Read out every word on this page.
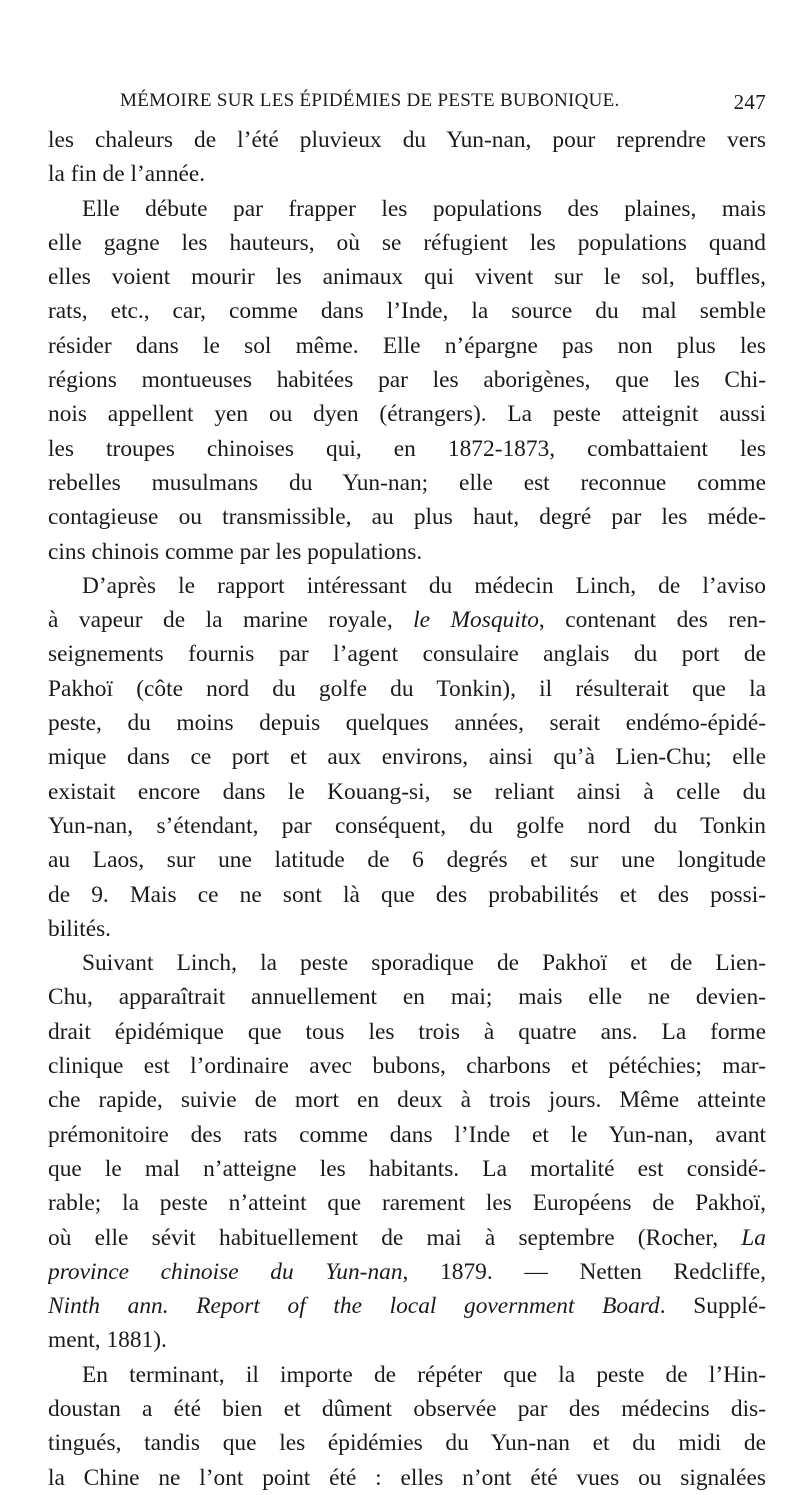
MÉMOIRE SUR LES ÉPIDÉMIES DE PESTE BUBONIQUE.	247
les chaleurs de l’été pluvieux du Yun-nan, pour reprendre vers
la fin de l’année.
Elle débute par frapper les populations des plaines, mais
elle gagne les hauteurs, où se réfugient les populations quand
elles voient mourir les animaux qui vivent sur le sol, buffles,
rats, etc., car, comme dans l’Inde, la source du mal semble
résider dans le sol même. Elle n’épargne pas non plus les
régions montueuses habitées par les aborigènes, que les Chi-
nois appellent yen ou dyen (étrangers). La peste atteignit aussi
les troupes chinoises qui, en 1872-1873, combattaient les
rebelles musulmans du Yun-nan; elle est reconnue comme
contagieuse ou transmissible, au plus haut, degré par les méde-
cins chinois comme par les populations.
D’après le rapport intéressant du médecin Linch, de l’aviso
à vapeur de la marine royale, le Mosquito, contenant des ren-
seignements fournis par l’agent consulaire anglais du port de
Pakhoï (côte nord du golfe du Tonkin), il résulterait que la
peste, du moins depuis quelques années, serait endémo-épidé-
mique dans ce port et aux environs, ainsi qu’à Lien-Chu; elle
existait encore dans le Kouang-si, se reliant ainsi à celle du
Yun-nan, s’étendant, par conséquent, du golfe nord du Tonkin
au Laos, sur une latitude de 6 degrés et sur une longitude
de 9. Mais ce ne sont là que des probabilités et des possi-
bilités.
Suivant Linch, la peste sporadique de Pakhoï et de Lien-
Chu, apparaîtrait annuellement en mai; mais elle ne devien-
drait épidémique que tous les trois à quatre ans. La forme
clinique est l’ordinaire avec bubons, charbons et pétéchies; mar-
che rapide, suivie de mort en deux à trois jours. Même atteinte
prémonitoire des rats comme dans l’Inde et le Yun-nan, avant
que le mal n’atteigne les habitants. La mortalité est considé-
rable; la peste n’atteint que rarement les Européens de Pakhoï,
où elle sévit habituellement de mai à septembre (Rocher, La
province chinoise du Yun-nan, 1879. — Netten Redcliffe,
Ninth ann. Report of the local government Board. Supplé-
ment, 1881).
En terminant, il importe de répéter que la peste de l’Hin-
doustan a été bien et dûment observée par des médecins dis-
tingués, tandis que les épidémies du Yun-nan et du midi de
la Chine ne l’ont point été : elles n’ont été vues ou signalées
